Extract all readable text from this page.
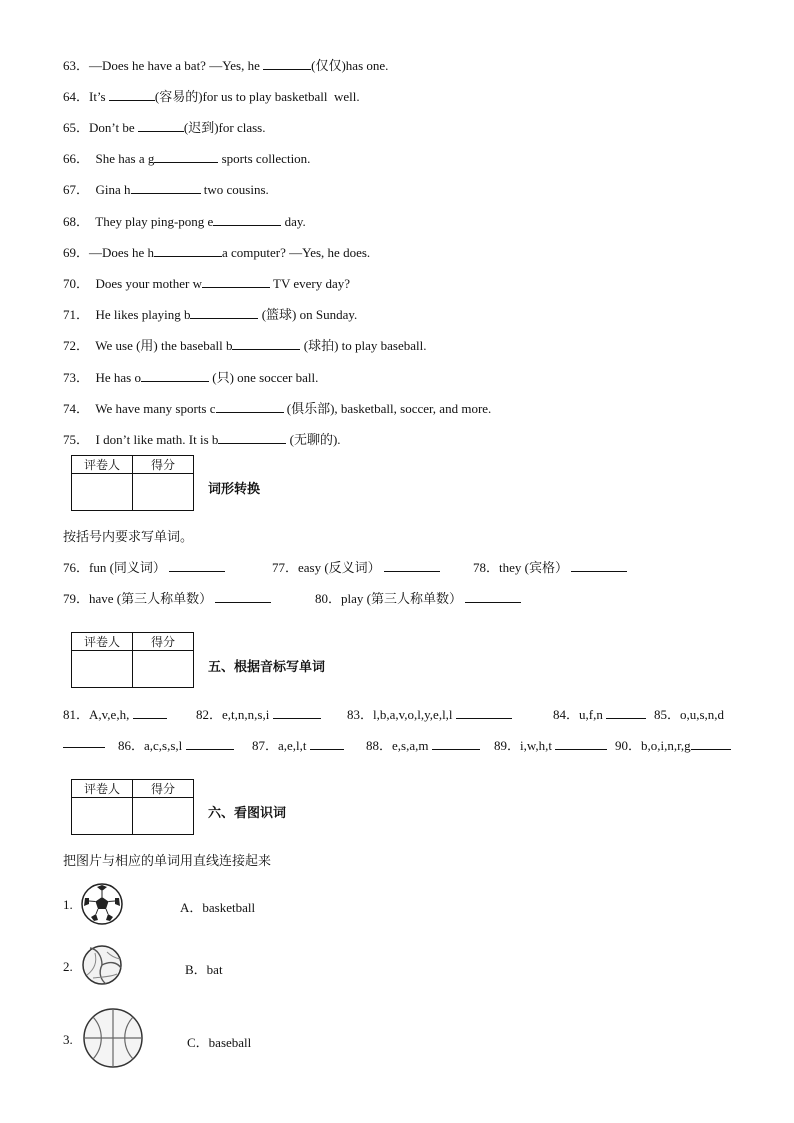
63．—Does he have a bat? —Yes, he	(仅仅)has one.
64．It’s	(容易的)for us to play basketball  well.
65．Don’t be	(迟到)for class.
66．  She has a g	sports collection.
67．  Gina h	two cousins.
68．  They play ping-pong e	day.
69．—Does he h	a computer? —Yes, he does.
70．  Does your mother w	TV every day?
71．  He likes playing b	(篮球) on Sunday.
72．  We use (用) the baseball b	(球拍) to play baseball.
73．  He has o	(只) one soccer ball.
74．  We have many sports c	(俱乐部), basketball, soccer, and more.
75．  I don’t like math. It is b	(无聊的).
评卷人	得分

词形转换
按括号内要求写单词。
76．fun (同义词）	77．easy (反义词）	78．they (宾格）
79．have (第三人称单数）	80．play (第三人称单数）
评卷人	得分

五、根据音标写单词
81．A,v,e,h,	82．e,t,n,n,s,i	83．l,b,a,v,o,l,y,e,l,l	84．u,f,n	85．o,u,s,n,d
86．a,c,s,s,l	87．a,e,l,t	88．e,s,a,m	89．i,w,h,t	90．b,o,i,n,r,g
评卷人	得分

六、看图识词
把图片与相应的单词用直线连接起来
1.	A．basketball
2.	B．bat
3.	C．baseball
